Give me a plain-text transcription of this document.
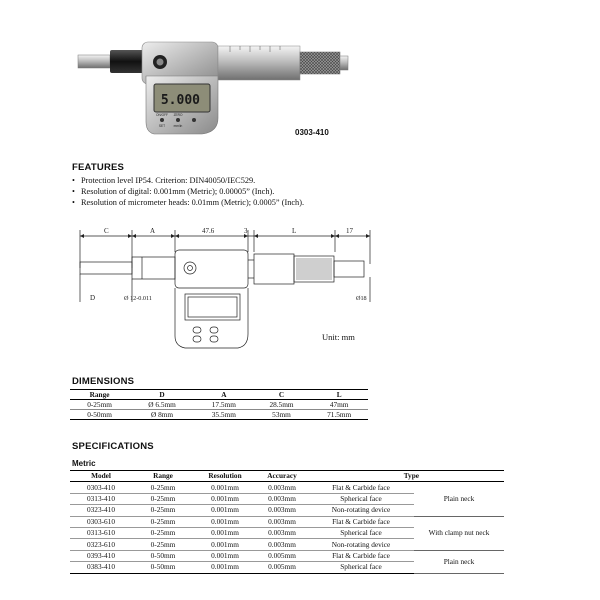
5.000
ON/OFF ZERO
SET	mm/in
0303-410
FEATURES
• Protection level IP54. Criterion: DIN40050/IEC529.
• Resolution of digital: 0.001mm (Metric); 0.00005” (Inch).
• Resolution of micrometer heads: 0.01mm (Metric); 0.0005” (Inch).
C	A	47.6	3	L	17
D	Ø 12-0.011	Ø18
Unit: mm
DIMENSIONS
Range	D	A	C	L
0-25mm	Ø 6.5mm	17.5mm	28.5mm	47mm
0-50mm	Ø 8mm	35.5mm	53mm	71.5mm
SPECIFICATIONS
Metric
Model	Range	Resolution	Accuracy	Type	
0303-410	0-25mm	0.001mm	0.003mm	Flat & Carbide face	Plain neck
0313-410	0-25mm	0.001mm	0.003mm	Spherical face	
0323-410	0-25mm	0.001mm	0.003mm	Non-rotating device	
0303-610	0-25mm	0.001mm	0.003mm	Flat & Carbide face	With clamp nut neck
0313-610	0-25mm	0.001mm	0.003mm	Spherical face	
0323-610	0-25mm	0.001mm	0.003mm	Non-rotating device	
0393-410	0-50mm	0.001mm	0.005mm	Flat & Carbide face	Plain neck
0383-410	0-50mm	0.001mm	0.005mm	Spherical face	
